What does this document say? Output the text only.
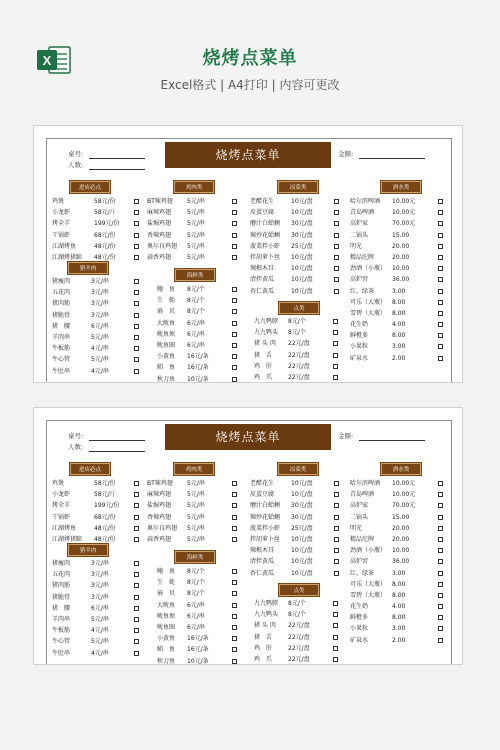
X	烧烤点菜单
Excel格式 | A4打印 | 内容可更改
桌号:
人数:
烧烤点菜单	金额:
进店必点
鸡煲	58元/份
小龙虾	58元/斤
烤全羊	199元/份
干锅虾	68元/份
江湖烤鱼	48元/份
江湖烤猪蹄 48元/份
猪羊肉
猪瘦肉	3元/串
五花肉	3元/串
猪肉筋	3元/串
猪脆骨	3元/串
猪　腰	6元/串
羊肉串	5元/串
牛板筋	4元/串
牛心管	5元/串
牛肚串	4元/串
鸡肉类
BT辣鸡翅 5元/串
麻辣鸡翅	5元/串
盐焗鸡翅	5元/串
香辣鸡翅	5元/串
奥尔良鸡翅 5元/串
蒜香鸡翅	5元/串
海鲜类
鲍　鱼 8元/个
生　蚝 8元/个
扇　贝 8元/个
大鱿鱼 6元/串
鱿鱼须 6元/串
鱿鱼圈 6元/串
小黄鱼 16元/条
鲳　鱼 16元/条
秋刀鱼 10元/条
凉菜类
老醋花生	10元/盘
皮蛋豆腐	10元/盘
蘑汁白蛤蜊 30元/盘
辣炒花蛤蜊 30元/盘
菠菜拌小虾 25元/盘
拌胡萝卜丝 10元/盘
辣根木耳	10元/盘
清拌黄瓜	10元/盘
杏仁黄瓜	10元/盘
点类
九九鸭脖 8元/个
九九鸭头 8元/个
猪 头 肉 22元/盘
猪　舌	22元/盘
鸡　肝	22元/盘
鸡　爪	22元/盘
酒水类
哈尔滨啤酒 10.00元
青岛啤酒	10.00元
高炉家	70.00元
二锅头	15.00
明光	20.00
精品沱牌	20.00
劲酒（小瓶） 10.00
高炉窖	36.00
红、绿茶	3.00
可乐（大瓶） 8.00
雪碧（大瓶） 8.00
花生奶	4.00
鲜橙多	8.00
小果粒	3.00
矿泉水	2.00
桌号:
人数:
烧烤点菜单	金额:
进店必点
鸡煲	58元/份
小龙虾	58元/斤
烤全羊	199元/份
干锅虾	68元/份
江湖烤鱼	48元/份
江湖烤猪蹄 48元/份
猪羊肉
猪瘦肉	3元/串
五花肉	3元/串
猪肉筋	3元/串
猪脆骨	3元/串
猪　腰	6元/串
羊肉串	5元/串
牛板筋	4元/串
牛心管	5元/串
牛肚串	4元/串
鸡肉类
BT辣鸡翅 5元/串
麻辣鸡翅	5元/串
盐焗鸡翅	5元/串
香辣鸡翅	5元/串
奥尔良鸡翅 5元/串
蒜香鸡翅	5元/串
海鲜类
鲍　鱼 8元/个
生　蚝 8元/个
扇　贝 8元/个
大鱿鱼 6元/串
鱿鱼须 6元/串
鱿鱼圈 6元/串
小黄鱼 16元/条
鲳　鱼 16元/条
秋刀鱼 10元/条
凉菜类
老醋花生	10元/盘
皮蛋豆腐	10元/盘
蘑汁白蛤蜊 30元/盘
辣炒花蛤蜊 30元/盘
菠菜拌小虾 25元/盘
拌胡萝卜丝 10元/盘
辣根木耳	10元/盘
清拌黄瓜	10元/盘
杏仁黄瓜	10元/盘
点类
九九鸭脖 8元/个
九九鸭头 8元/个
猪 头 肉 22元/盘
猪　舌	22元/盘
鸡　肝	22元/盘
鸡　爪	22元/盘
酒水类
哈尔滨啤酒 10.00元
青岛啤酒	10.00元
高炉家	70.00元
二锅头	15.00
明光	20.00
精品沱牌	20.00
劲酒（小瓶） 10.00
高炉窖	36.00
红、绿茶	3.00
可乐（大瓶） 8.00
雪碧（大瓶） 8.00
花生奶	4.00
鲜橙多	8.00
小果粒	3.00
矿泉水	2.00
